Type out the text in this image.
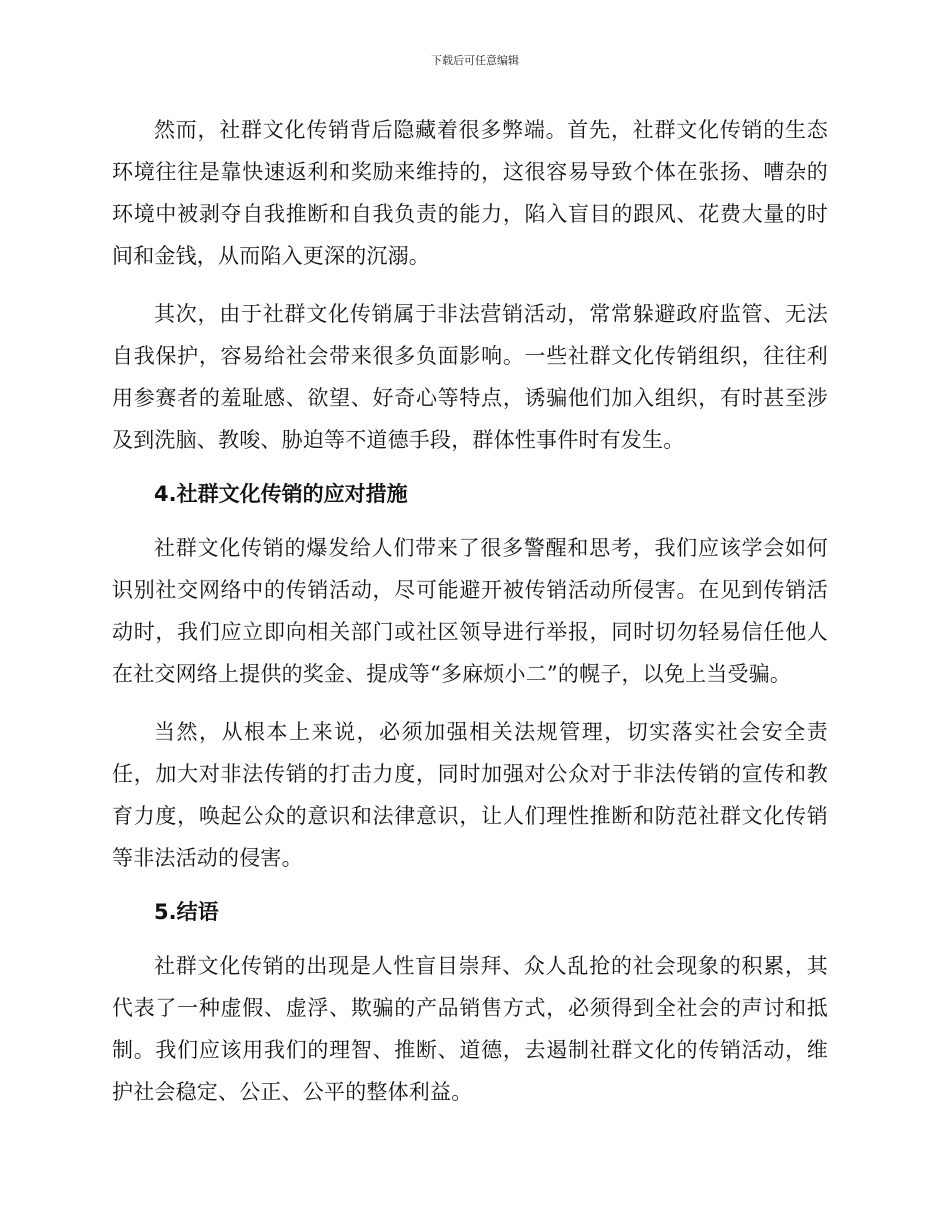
下载后可任意编辑

然而，社群文化传销背后隐藏着很多弊端。首先，社群文化传销的生态环境往往是靠快速返利和奖励来维持的，这很容易导致个体在张扬、嘈杂的环境中被剥夺自我推断和自我负责的能力，陷入盲目的跟风、花费大量的时间和金钱，从而陷入更深的沉溺。

其次，由于社群文化传销属于非法营销活动，常常躲避政府监管、无法自我保护，容易给社会带来很多负面影响。一些社群文化传销组织，往往利用参赛者的羞耻感、欲望、好奇心等特点，诱骗他们加入组织，有时甚至涉及到洗脑、教唆、胁迫等不道德手段，群体性事件时有发生。

4.社群文化传销的应对措施

社群文化传销的爆发给人们带来了很多警醒和思考，我们应该学会如何识别社交网络中的传销活动，尽可能避开被传销活动所侵害。在见到传销活动时，我们应立即向相关部门或社区领导进行举报，同时切勿轻易信任他人在社交网络上提供的奖金、提成等“多麻烦小二”的幌子，以免上当受骗。

当然，从根本上来说，必须加强相关法规管理，切实落实社会安全责任，加大对非法传销的打击力度，同时加强对公众对于非法传销的宣传和教育力度，唤起公众的意识和法律意识，让人们理性推断和防范社群文化传销等非法活动的侵害。

5.结语

社群文化传销的出现是人性盲目崇拜、众人乱抢的社会现象的积累，其代表了一种虚假、虚浮、欺骗的产品销售方式，必须得到全社会的声讨和抵制。我们应该用我们的理智、推断、道德，去遏制社群文化的传销活动，维护社会稳定、公正、公平的整体利益。
